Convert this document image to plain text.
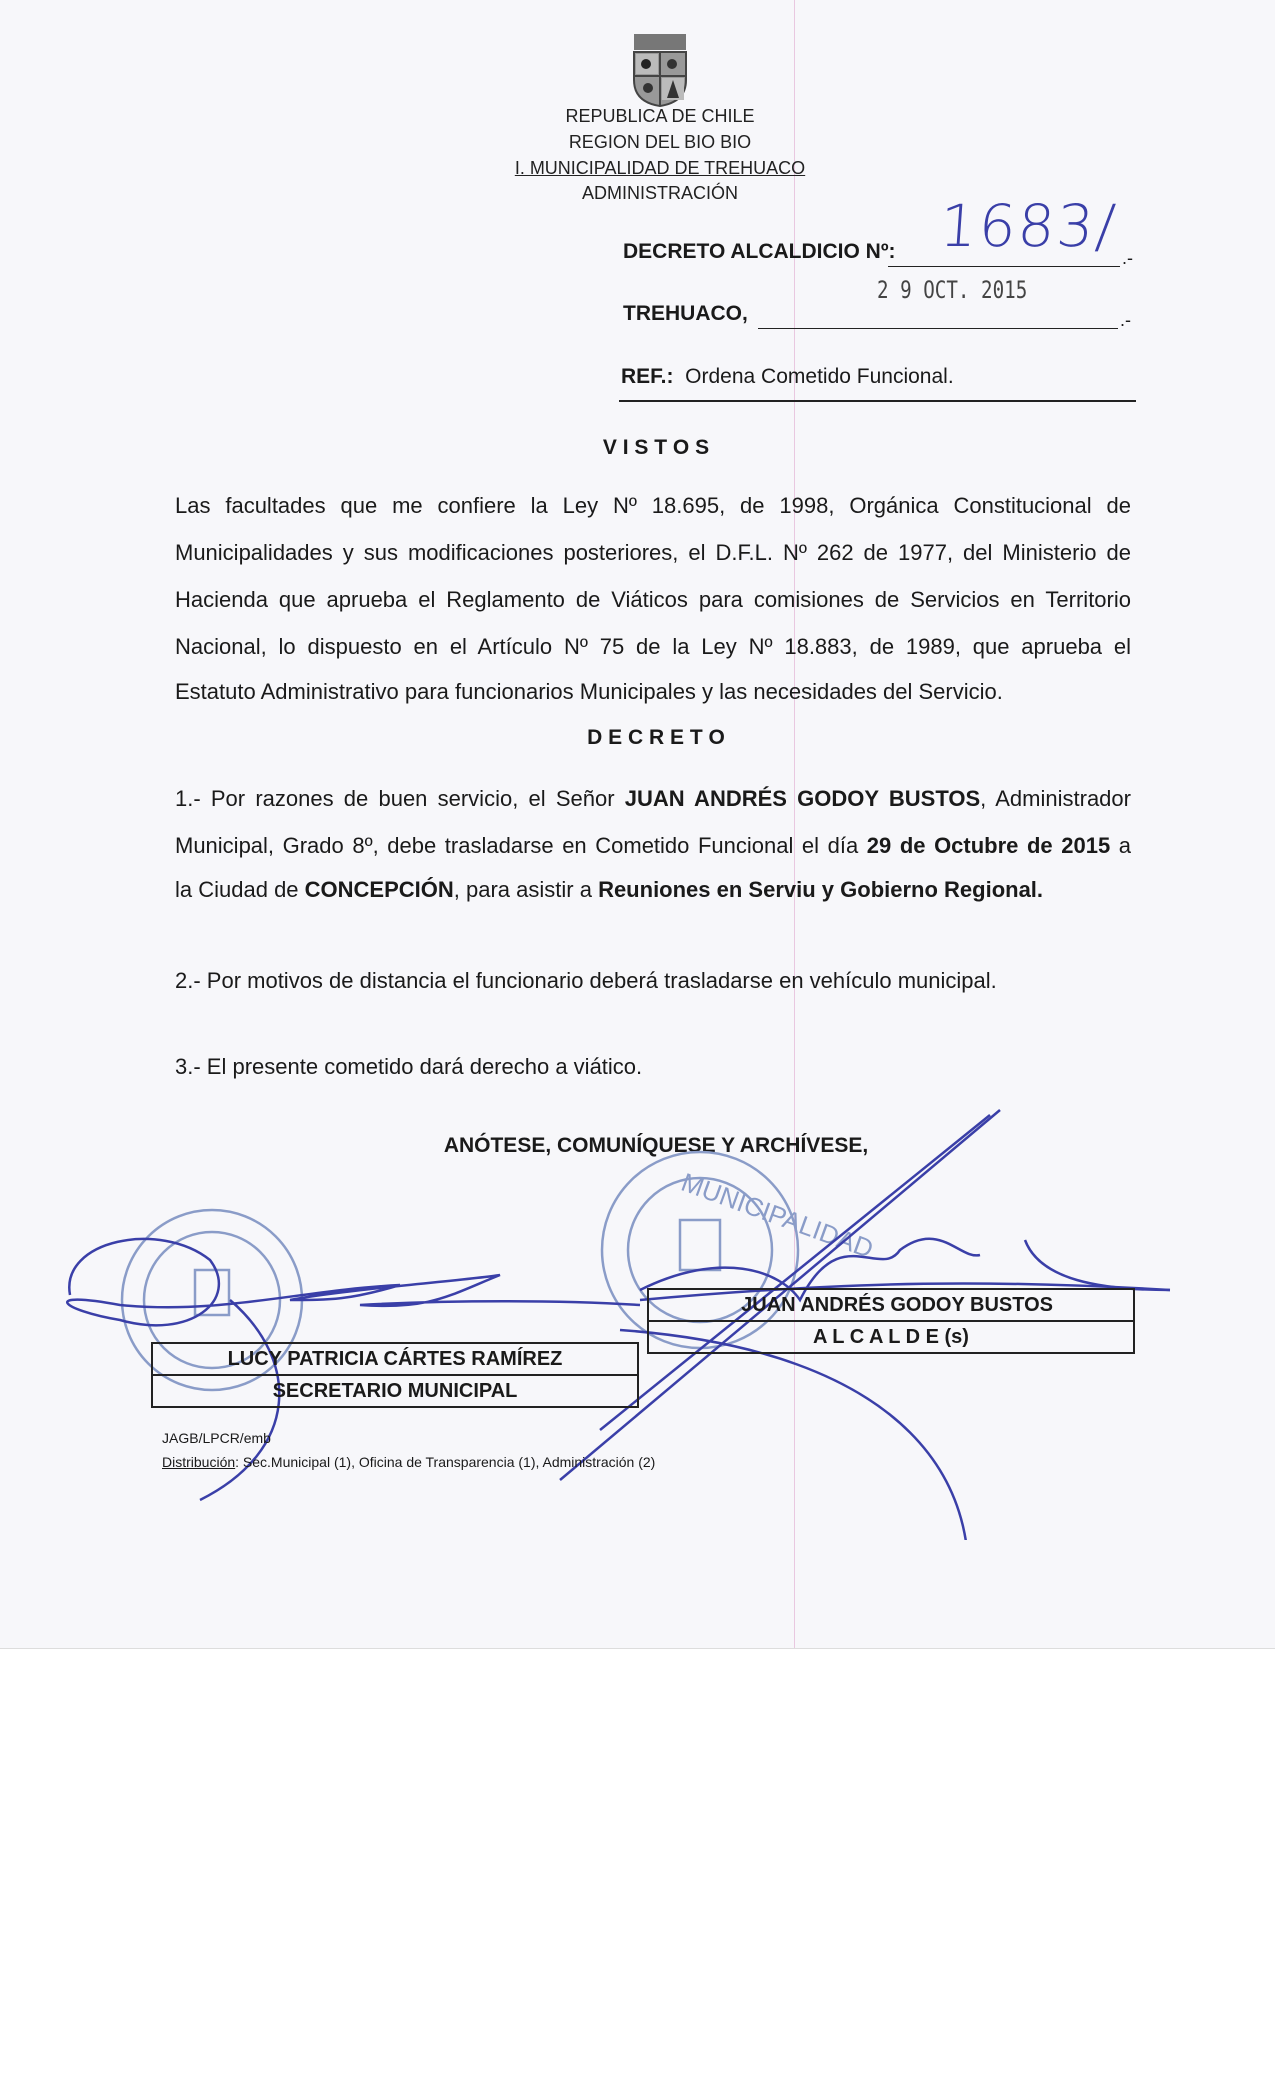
REPUBLICA DE CHILE
REGION DEL BIO BIO
I. MUNICIPALIDAD DE TREHUACO
ADMINISTRACIÓN
DECRETO ALCALDICIO Nº:	.-
1683/
2 9 OCT. 2015
TREHUACO,	.-
REF.: Ordena Cometido Funcional.
V I S T O S
Las facultades que me confiere la Ley Nº 18.695, de 1998, Orgánica Constitucional de
Municipalidades y sus modificaciones posteriores, el D.F.L. Nº 262 de 1977, del Ministerio de
Hacienda que aprueba el Reglamento de Viáticos para comisiones de Servicios en Territorio
Nacional, lo dispuesto en el Artículo Nº 75 de la Ley Nº 18.883, de 1989, que aprueba el
Estatuto Administrativo para funcionarios Municipales y las necesidades del Servicio.
D E C R E T O
1.- Por razones de buen servicio, el Señor JUAN ANDRÉS GODOY BUSTOS, Administrador
Municipal, Grado 8º, debe trasladarse en Cometido Funcional el día 29 de Octubre de 2015 a
la Ciudad de CONCEPCIÓN, para asistir a Reuniones en Serviu y Gobierno Regional.
2.- Por motivos de distancia el funcionario deberá trasladarse en vehículo municipal.
3.- El presente cometido dará derecho a viático.
ANÓTESE, COMUNÍQUESE Y ARCHÍVESE,
MUNICIPALIDAD
JUAN ANDRÉS GODOY BUSTOS
A L C A L D E (s)
LUCY PATRICIA CÁRTES RAMÍREZ
SECRETARIO MUNICIPAL
JAGB/LPCR/emb
Distribución: Sec.Municipal (1), Oficina de Transparencia (1), Administración (2)
